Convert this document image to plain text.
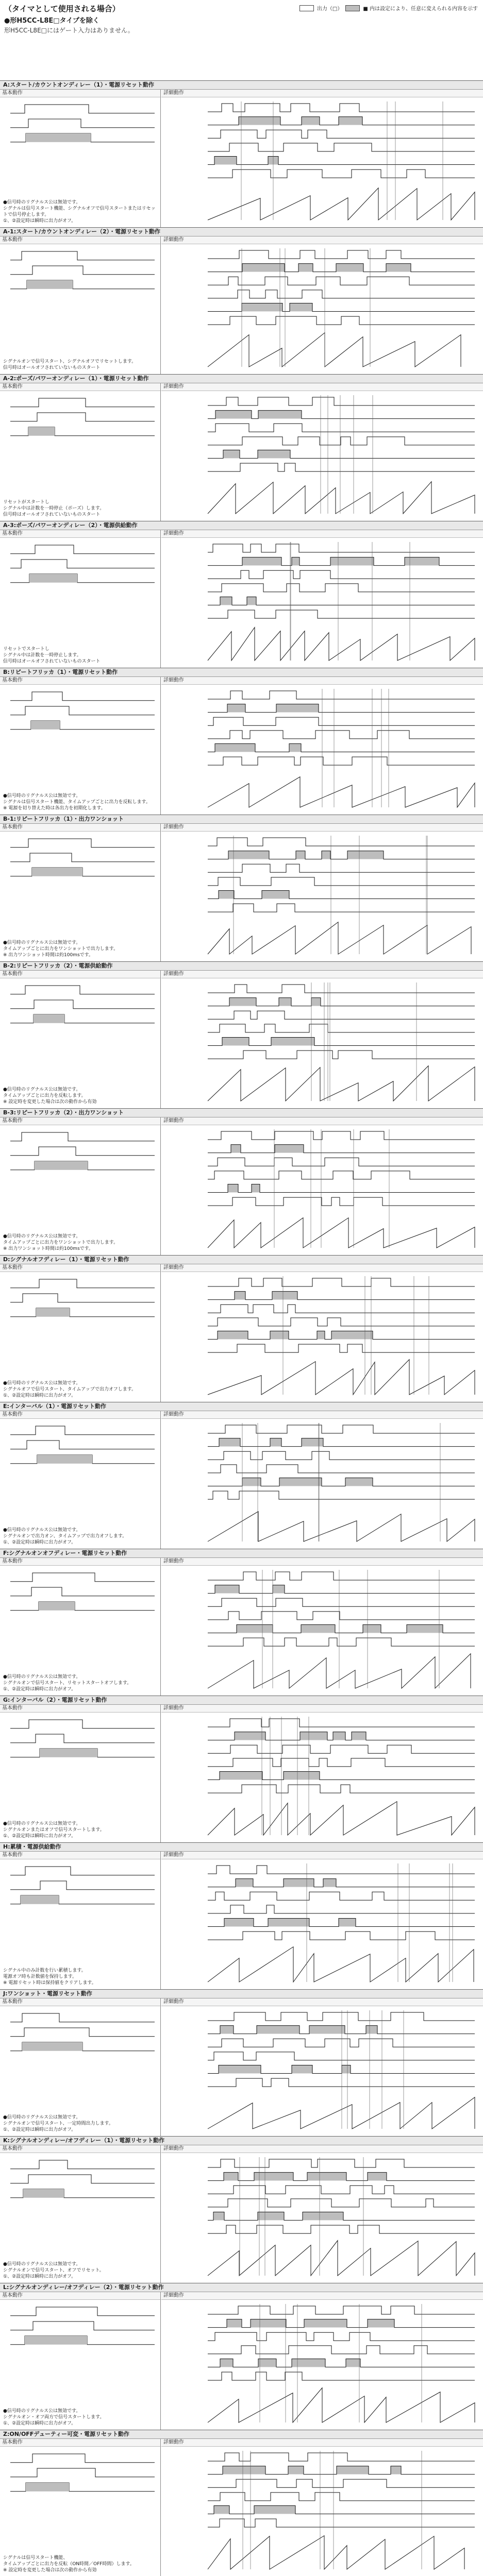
（タイマとして使用される場合）

●形H5CC-L8E□タイプを除く

形H5CC-L8E□にはゲート入力はありません。

出力（□）	■ 内は設定により、任意に変えられる内容を示す
A:スタート/カウントオンディレー（1）・電源リセット動作
基本動作

●信号時のリグナルス公は無効です。

シグナルは信号スタート機能、シグナルオフで信号スタートまたはリセットで信号停止します。

①、②設定時は瞬時に出力がオフ。

詳細動作
A-1:スタート/カウントオンディレー（2）・電源リセット動作
基本動作

シグナルオンで信号スタート、シグナルオフでリセットします。

信号時はオールオフされていないものスタート

詳細動作
A-2:ポーズ/パワーオンディレー（1）・電源リセット動作
基本動作

リセットがスタートし

シグナル中は計数を一時停止（ポーズ）します。

信号時はオールオフされていないものスタート

詳細動作
A-3:ポーズ/パワーオンディレー（2）・電源供給動作
基本動作

リセットでスタートし

シグナル中は計数を一時停止します。

信号時はオールオフされていないものスタート

詳細動作
B:リピートフリッカ（1）・電源リセット動作
基本動作

●信号時のリグナルス公は無効です。

シグナルは信号スタート機能、タイムアップごとに出力を反転します。

※ 電源を切り替えた時は各出力を初期化します。

詳細動作
B-1:リピートフリッカ（1）・出力ワンショット
基本動作

●信号時のリグナルス公は無効です。

タイムアップごとに出力をワンショットで出力します。

※ 出力ワンショット時間は約100msです。

詳細動作
B-2:リピートフリッカ（2）・電源供給動作
基本動作

●信号時のリグナルス公は無効です。

タイムアップごとに出力を反転します。

※ 設定時を変更した場合は次の動作から有効

詳細動作
B-3:リピートフリッカ（2）・出力ワンショット
基本動作

●信号時のリグナルス公は無効です。

タイムアップごとに出力をワンショットで出力します。

※ 出力ワンショット時間は約100msです。

詳細動作
D:シグナルオフディレー（1）・電源リセット動作
基本動作

●信号時のリグナルス公は無効です。

シグナルオフで信号スタート、タイムアップで出力オフします。

①、②設定時は瞬時に出力がオフ。

詳細動作
E:インターバル（1）・電源リセット動作
基本動作

●信号時のリグナルス公は無効です。

シグナルオンで出力オン、タイムアップで出力オフします。

①、②設定時は瞬時に出力がオフ。

詳細動作
F:シグナルオンオフディレー・電源リセット動作
基本動作

●信号時のリグナルス公は無効です。

シグナルオンで信号スタート、リセットスタートオフします。

①、②設定時は瞬時に出力がオフ。

詳細動作
G:インターバル（2）・電源リセット動作
基本動作

●信号時のリグナルス公は無効です。

シグナルオンまたはオフで信号スタートします。

①、②設定時は瞬時に出力がオフ。

詳細動作
H:累積・電源供給動作
基本動作

シグナル中のみ計数を行い累積します。

電源オフ時も計数値を保持します。

※ 電源リセット時は保持値をクリアします。

詳細動作
J:ワンショット・電源リセット動作
基本動作

●信号時のリグナルス公は無効です。

シグナルオンで信号スタート、一定時間出力します。

①、②設定時は瞬時に出力がオフ。

詳細動作
K:シグナルオンディレー/オフディレー（1）・電源リセット動作
基本動作

●信号時のリグナルス公は無効です。

シグナルオンで信号スタート、オフでリセット。

①、②設定時は瞬時に出力がオフ。

詳細動作
L:シグナルオンディレー/オフディレー（2）・電源リセット動作
基本動作

●信号時のリグナルス公は無効です。

シグナルオン・オフ両方で信号スタートします。

①、②設定時は瞬時に出力がオフ。

詳細動作
Z:ON/OFFデューティー可変・電源リセット動作
基本動作

シグナルは信号スタート機能、

タイムアップごとに出力を反転（ON時間／OFF時間）します。

※ 設定時を変更した場合は次の動作から有効

詳細動作
